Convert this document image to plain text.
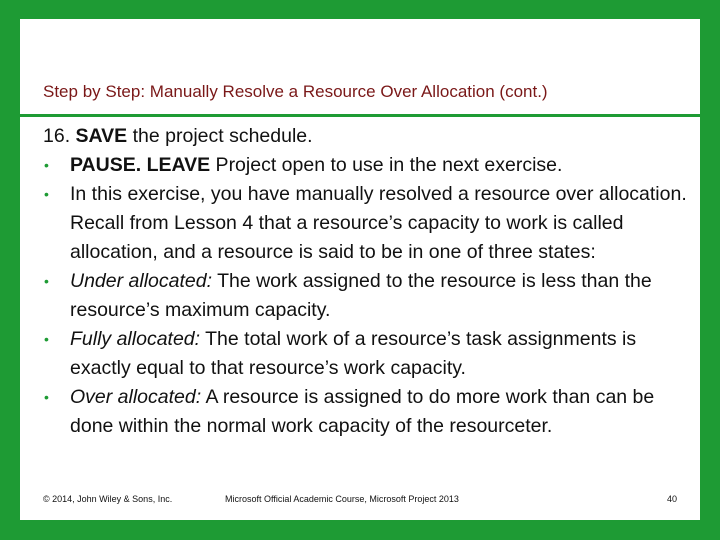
Step by Step: Manually Resolve a Resource Over Allocation (cont.)

16. SAVE the project schedule.

• PAUSE. LEAVE Project open to use in the next exercise.

• In this exercise, you have manually resolved a resource over allocation. Recall from Lesson 4 that a resource’s capacity to work is called allocation, and a resource is said to be in one of three states:

• Under allocated: The work assigned to the resource is less than the resource’s maximum capacity.

• Fully allocated: The total work of a resource’s task assignments is exactly equal to that resource’s work capacity.

• Over allocated: A resource is assigned to do more work than can be done within the normal work capacity of the resourceter.

© 2014, John Wiley & Sons, Inc.	Microsoft Official Academic Course, Microsoft Project 2013	40
